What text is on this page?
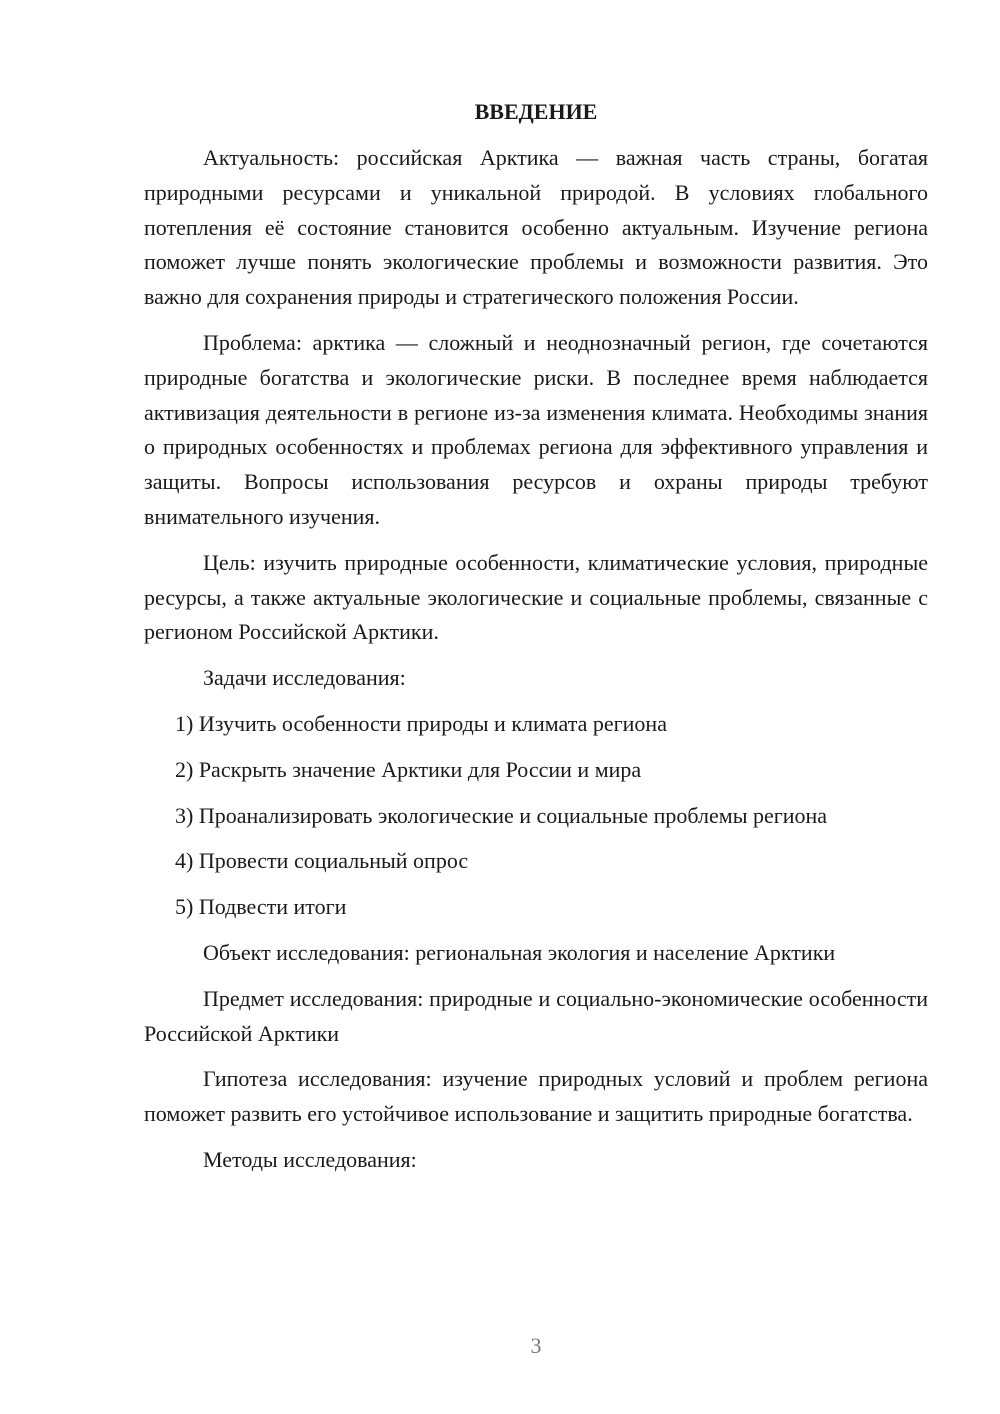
ВВЕДЕНИЕ

Актуальность: российская Арктика — важная часть страны, богатая природными ресурсами и уникальной природой. В условиях глобального потепления её состояние становится особенно актуальным. Изучение региона поможет лучше понять экологические проблемы и возможности развития. Это важно для сохранения природы и стратегического положения России.

Проблема: арктика — сложный и неоднозначный регион, где сочетаются природные богатства и экологические риски. В последнее время наблюдается активизация деятельности в регионе из-за изменения климата. Необходимы знания о природных особенностях и проблемах региона для эффективного управления и защиты. Вопросы использования ресурсов и охраны природы требуют внимательного изучения.

Цель: изучить природные особенности, климатические условия, природные ресурсы, а также актуальные экологические и социальные проблемы, связанные с регионом Российской Арктики.

Задачи исследования:

1) Изучить особенности природы и климата региона

2) Раскрыть значение Арктики для России и мира

3) Проанализировать экологические и социальные проблемы региона

4) Провести социальный опрос

5) Подвести итоги

Объект исследования: региональная экология и население Арктики

Предмет исследования: природные и социально-экономические особенности Российской Арктики

Гипотеза исследования: изучение природных условий и проблем региона поможет развить его устойчивое использование и защитить природные богатства.

Методы исследования:

3
